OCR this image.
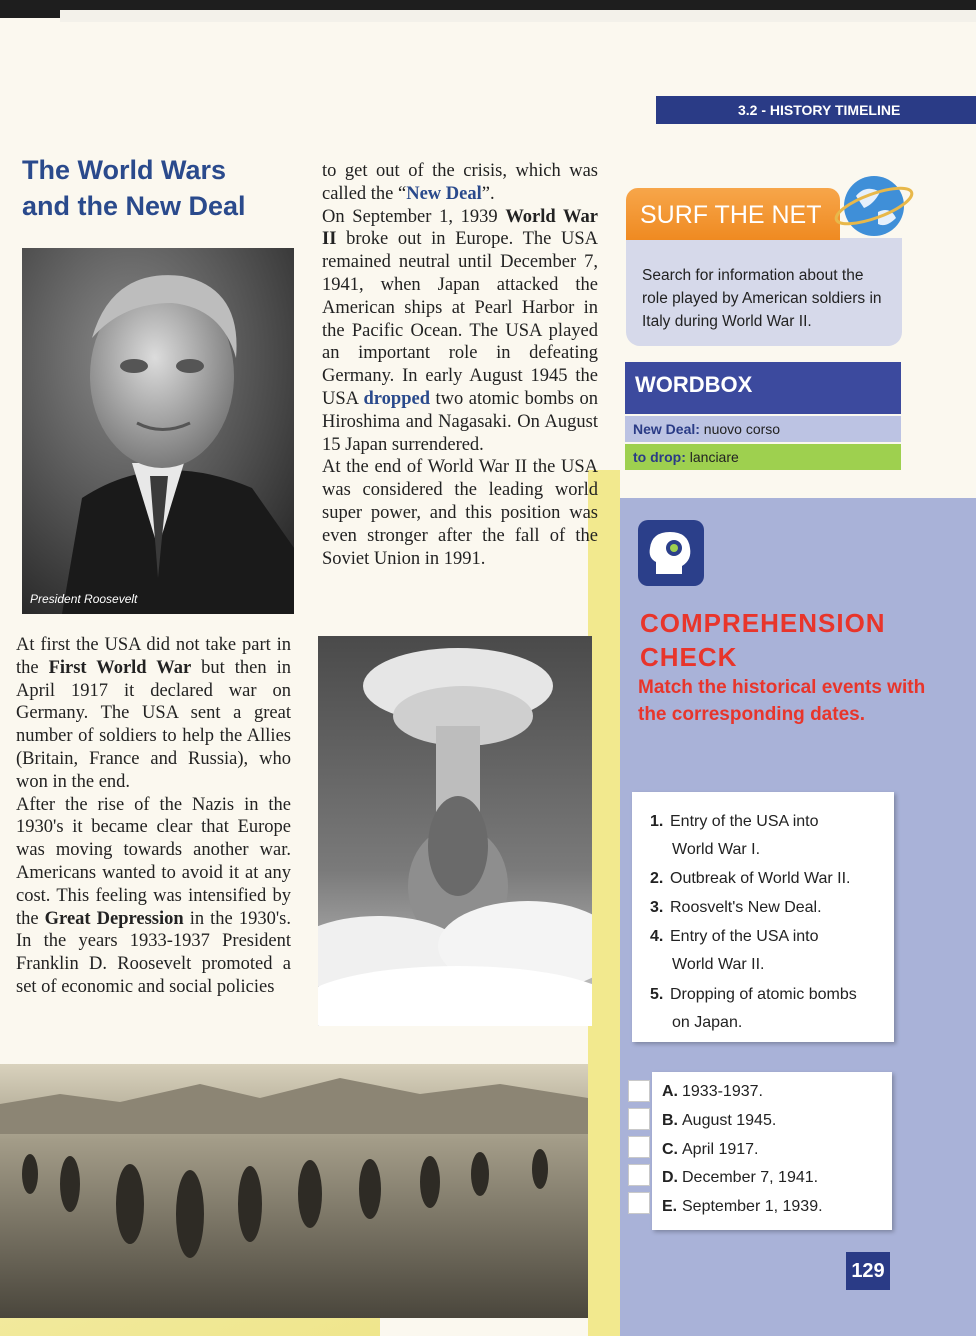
3.2 - HISTORY TIMELINE
The World Wars
and the New Deal
President Roosevelt

At first the USA did not take part in the First World War but then in April 1917 it declared war on Germany. The USA sent a great number of soldiers to help the Allies (Britain, France and Russia), who won in the end.

After the rise of the Nazis in the 1930's it became clear that Europe was moving towards another war. Americans wanted to avoid it at any cost. This feeling was intensified by the Great Depression in the 1930's. In the years 1933-1937 President Franklin D. Roosevelt promoted a set of economic and social policies

to get out of the crisis, which was called the “New Deal”.

On September 1, 1939 World War II broke out in Europe. The USA remained neutral until December 7, 1941, when Japan attacked the American ships at Pearl Harbor in the Pacific Ocean. The USA played an important role in defeating Germany. In early August 1945 the USA dropped two atomic bombs on Hiroshima and Nagasaki. On August 15 Japan surrendered.

At the end of World War II the USA was considered the leading world super power, and this position was even stronger after the fall of the Soviet Union in 1991.

SURF THE NET
Search for information about the role played by American soldiers in Italy during World War II.
WORDBOX
New Deal: nuovo corso
to drop: lanciare
COMPREHENSION
CHECK
Match the historical events with the corresponding dates.
1. Entry of the USA into
World War I.
2. Outbreak of World War II.
3. Roosvelt's New Deal.
4. Entry of the USA into
World War II.
5. Dropping of atomic bombs
on Japan.
A. 1933-1937.
B. August 1945.
C. April 1917.
D. December 7, 1941.
E. September 1, 1939.
129
